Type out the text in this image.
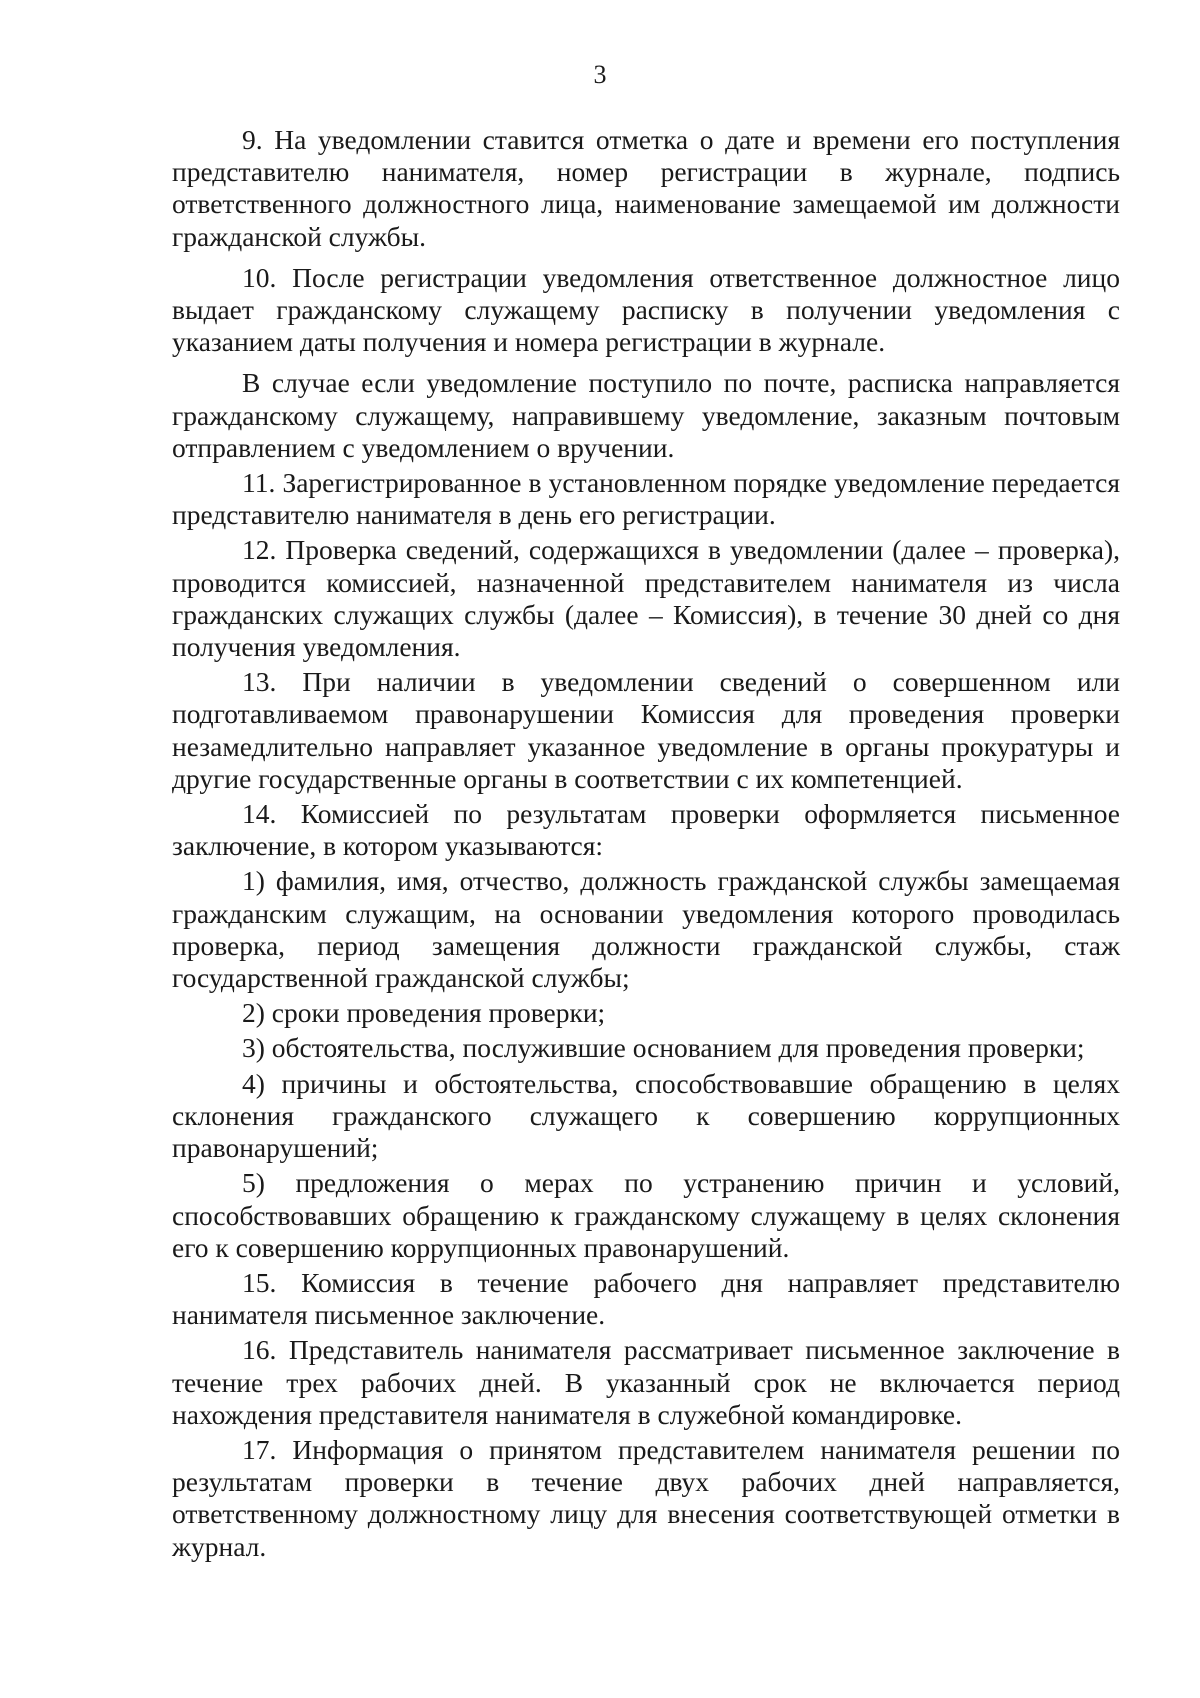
3

9. На уведомлении ставится отметка о дате и времени его поступления представителю нанимателя, номер регистрации в журнале, подпись ответственного должностного лица, наименование замещаемой им должности гражданской службы.

10. После регистрации уведомления ответственное должностное лицо выдает гражданскому служащему расписку в получении уведомления с указанием даты получения и номера регистрации в журнале.

В случае если уведомление поступило по почте, расписка направляется гражданскому служащему, направившему уведомление, заказным почтовым отправлением с уведомлением о вручении.

11. Зарегистрированное в установленном порядке уведомление передается представителю нанимателя в день его регистрации.

12. Проверка сведений, содержащихся в уведомлении (далее – проверка), проводится комиссией, назначенной представителем нанимателя из числа гражданских служащих службы (далее – Комиссия), в течение 30 дней со дня получения уведомления.

13. При наличии в уведомлении сведений о совершенном или подготавливаемом правонарушении Комиссия для проведения проверки незамедлительно направляет указанное уведомление в органы прокуратуры и другие государственные органы в соответствии с их компетенцией.

14. Комиссией по результатам проверки оформляется письменное заключение, в котором указываются:

1) фамилия, имя, отчество, должность гражданской службы замещаемая гражданским служащим, на основании уведомления которого проводилась проверка, период замещения должности гражданской службы, стаж государственной гражданской службы;

2) сроки проведения проверки;

3) обстоятельства, послужившие основанием для проведения проверки;

4) причины и обстоятельства, способствовавшие обращению в целях склонения гражданского служащего к совершению коррупционных правонарушений;

5) предложения о мерах по устранению причин и условий, способствовавших обращению к гражданскому служащему в целях склонения его к совершению коррупционных правонарушений.

15. Комиссия в течение рабочего дня направляет представителю нанимателя письменное заключение.

16. Представитель нанимателя рассматривает письменное заключение в течение трех рабочих дней. В указанный срок не включается период нахождения представителя нанимателя в служебной командировке.

17. Информация о принятом представителем нанимателя решении по результатам проверки в течение двух рабочих дней направляется, ответственному должностному лицу для внесения соответствующей отметки в журнал.
